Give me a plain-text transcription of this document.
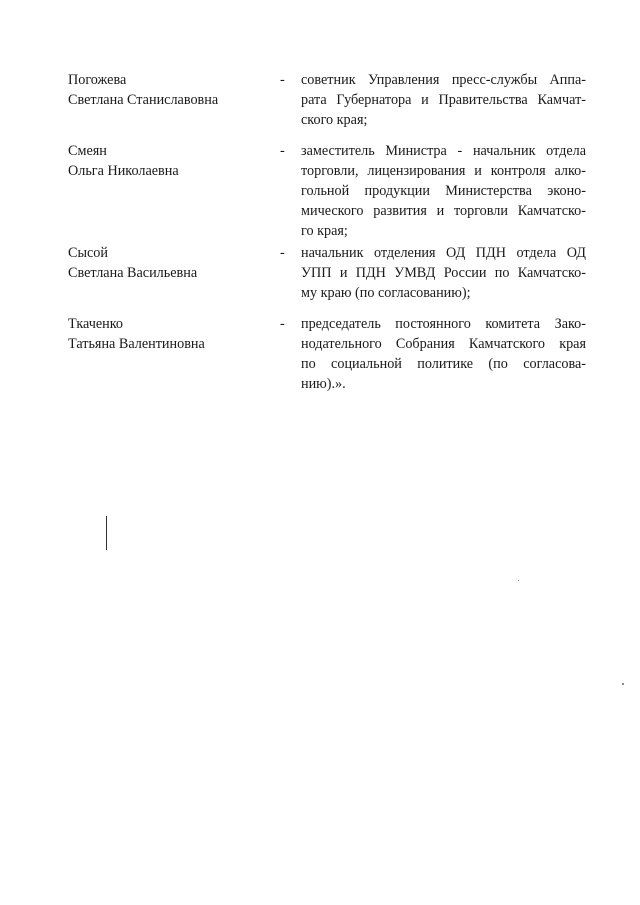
Погожева
Светлана Станиславовна
- советник Управления пресс-службы Аппа-
рата Губернатора и Правительства Камчат-
ского края;
Смеян
Ольга Николаевна
- заместитель Министра - начальник отдела
торговли, лицензирования и контроля алко-
гольной продукции Министерства эконо-
мического развития и торговли Камчатско-
го края;
Сысой
Светлана Васильевна
- начальник отделения ОД ПДН отдела ОД
УПП и ПДН УМВД России по Камчатско-
му краю (по согласованию);
Ткаченко
Татьяна Валентиновна
- председатель постоянного комитета Зако-
нодательного Собрания Камчатского края
по социальной политике (по согласова-
нию).».
